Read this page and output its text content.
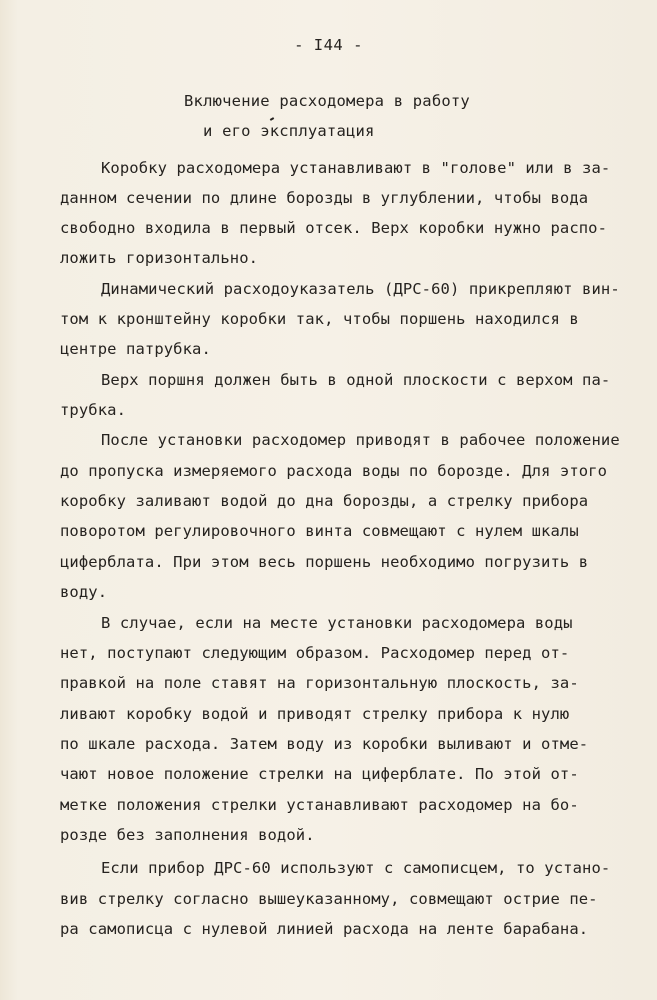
- I44 -
Включение расходомера в работу
и его эксплуатация
Коробку расходомера устанавливают в "голове" или в за-
данном сечении по длине борозды в углублении, чтобы вода
свободно входила в первый отсек. Верх коробки нужно распо-
ложить горизонтально.
Динамический расходоуказатель (ДРС-60) прикрепляют вин-
том к кронштейну коробки так, чтобы поршень находился в
центре патрубка.
Верх поршня должен быть в одной плоскости с верхом па-
трубка.
После установки расходомер приводят в рабочее положение
до пропуска измеряемого расхода воды по борозде. Для этого
коробку заливают водой до дна борозды, а стрелку прибора
поворотом регулировочного винта совмещают с нулем шкалы
циферблата. При этом весь поршень необходимо погрузить в
воду.
В случае, если на месте установки расходомера воды
нет, поступают следующим образом. Расходомер перед от-
правкой на поле ставят на горизонтальную плоскость, за-
ливают коробку водой и приводят стрелку прибора к нулю
по шкале расхода. Затем воду из коробки выливают и отме-
чают новое положение стрелки на циферблате. По этой от-
метке положения стрелки устанавливают расходомер на бо-
розде без заполнения водой.
Если прибор ДРС-60 используют с самописцем, то устано-
вив стрелку согласно вышеуказанному, совмещают острие пе-
ра самописца с нулевой линией расхода на ленте барабана.
